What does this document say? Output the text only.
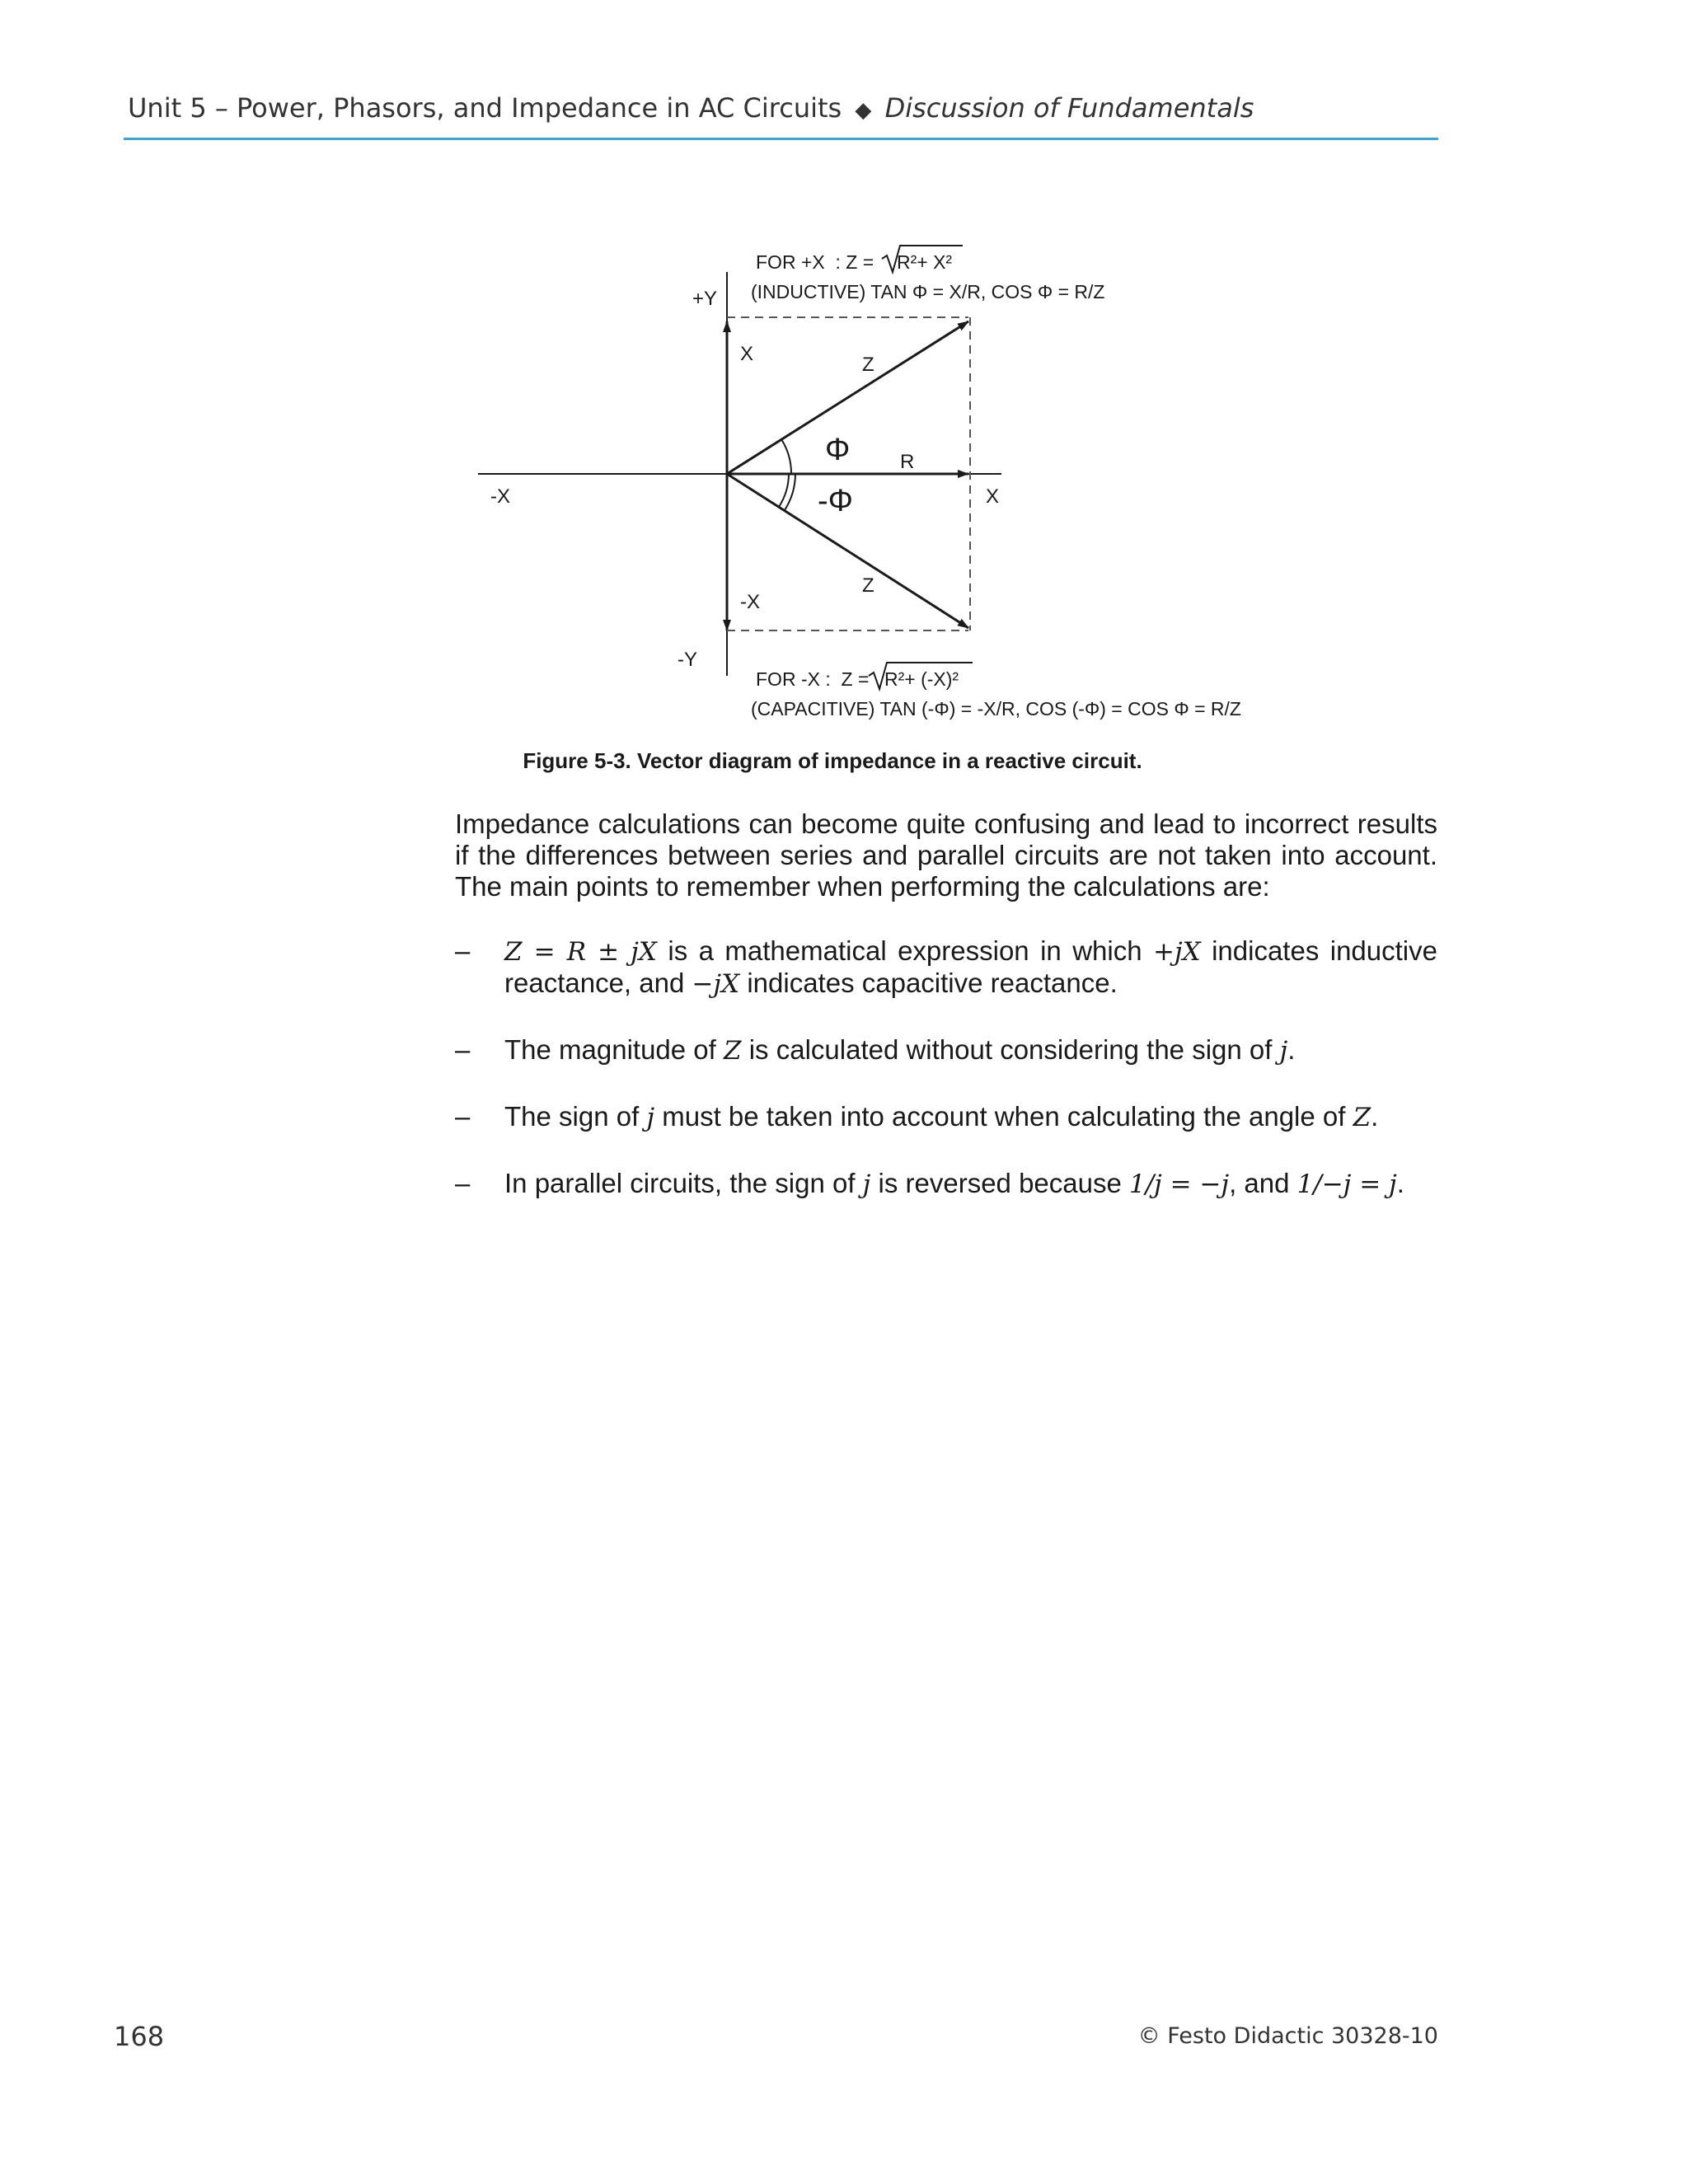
Unit 5 – Power, Phasors, and Impedance in AC Circuits ◆ Discussion of Fundamentals
+Y
-Y
-X	X
X
-X
Z
Z
R
Φ
-Φ
FOR +X  : Z = R²+ X²
(INDUCTIVE) TAN Φ = X/R, COS Φ = R/Z
FOR -X :  Z = R²+ (-X)²
(CAPACITIVE) TAN (-Φ) = -X/R, COS (-Φ) = COS Φ = R/Z
Figure 5-3. Vector diagram of impedance in a reactive circuit.

Impedance calculations can become quite confusing and lead to incorrect results if the differences between series and parallel circuits are not taken into account. The main points to remember when performing the calculations are:

– Z = R ± jX is a mathematical expression in which +jX indicates inductive reactance, and −jX indicates capacitive reactance.
– The magnitude of Z is calculated without considering the sign of j.
– The sign of j must be taken into account when calculating the angle of Z.
– In parallel circuits, the sign of j is reversed because 1/j = −j, and 1/−j = j.
168	© Festo Didactic 30328-10
